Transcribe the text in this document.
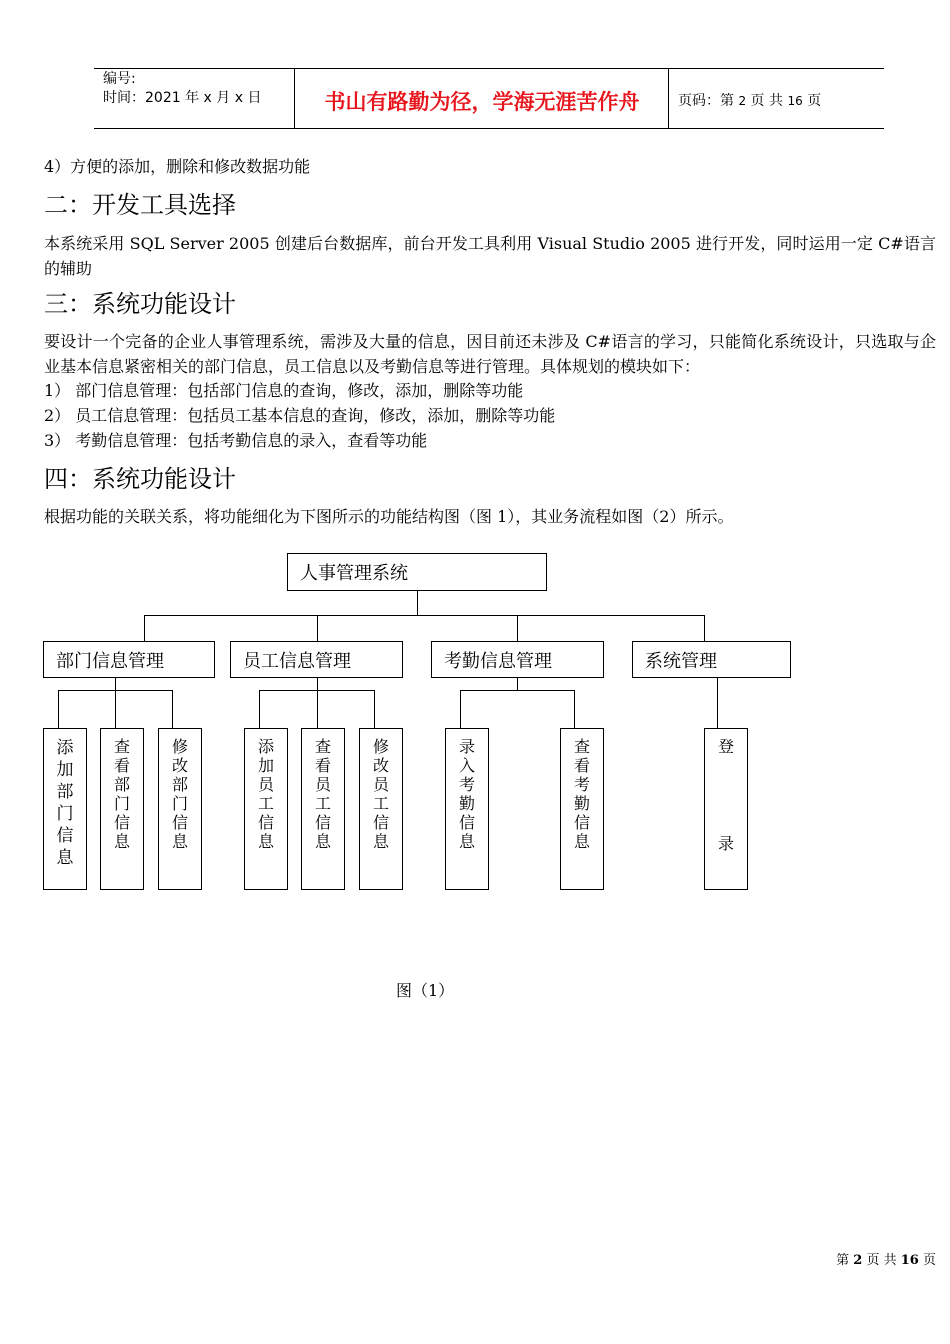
编号:
时间：2021 年 x 月 x 日	书山有路勤为径，学海无涯苦作舟	页码：第 2 页 共 16 页
4）方便的添加，删除和修改数据功能
二：开发工具选择
本系统采用 SQL Server 2005 创建后台数据库，前台开发工具利用 Visual Studio 2005 进行开发，同时运用一定 C#语言的辅助
三：系统功能设计
要设计一个完备的企业人事管理系统，需涉及大量的信息，因目前还未涉及 C#语言的学习，只能简化系统设计，只选取与企业基本信息紧密相关的部门信息，员工信息以及考勤信息等进行管理。具体规划的模块如下：
1） 部门信息管理：包括部门信息的查询，修改，添加，删除等功能
2） 员工信息管理：包括员工基本信息的查询，修改，添加，删除等功能
3） 考勤信息管理：包括考勤信息的录入，查看等功能
四：系统功能设计
根据功能的关联关系，将功能细化为下图所示的功能结构图（图 1），其业务流程如图（2）所示。
人事管理系统
部门信息管理	员工信息管理	考勤信息管理	系统管理
添
加
部
门
信
息
查
看
部
门
信
息
修
改
部
门
信
息
添
加
员
工
信
息
查
看
员
工
信
息
修
改
员
工
信
息
录
入
考
勤
信
息
查
看
考
勤
信
息
登
录
图（1）
第 2 页 共 16 页
